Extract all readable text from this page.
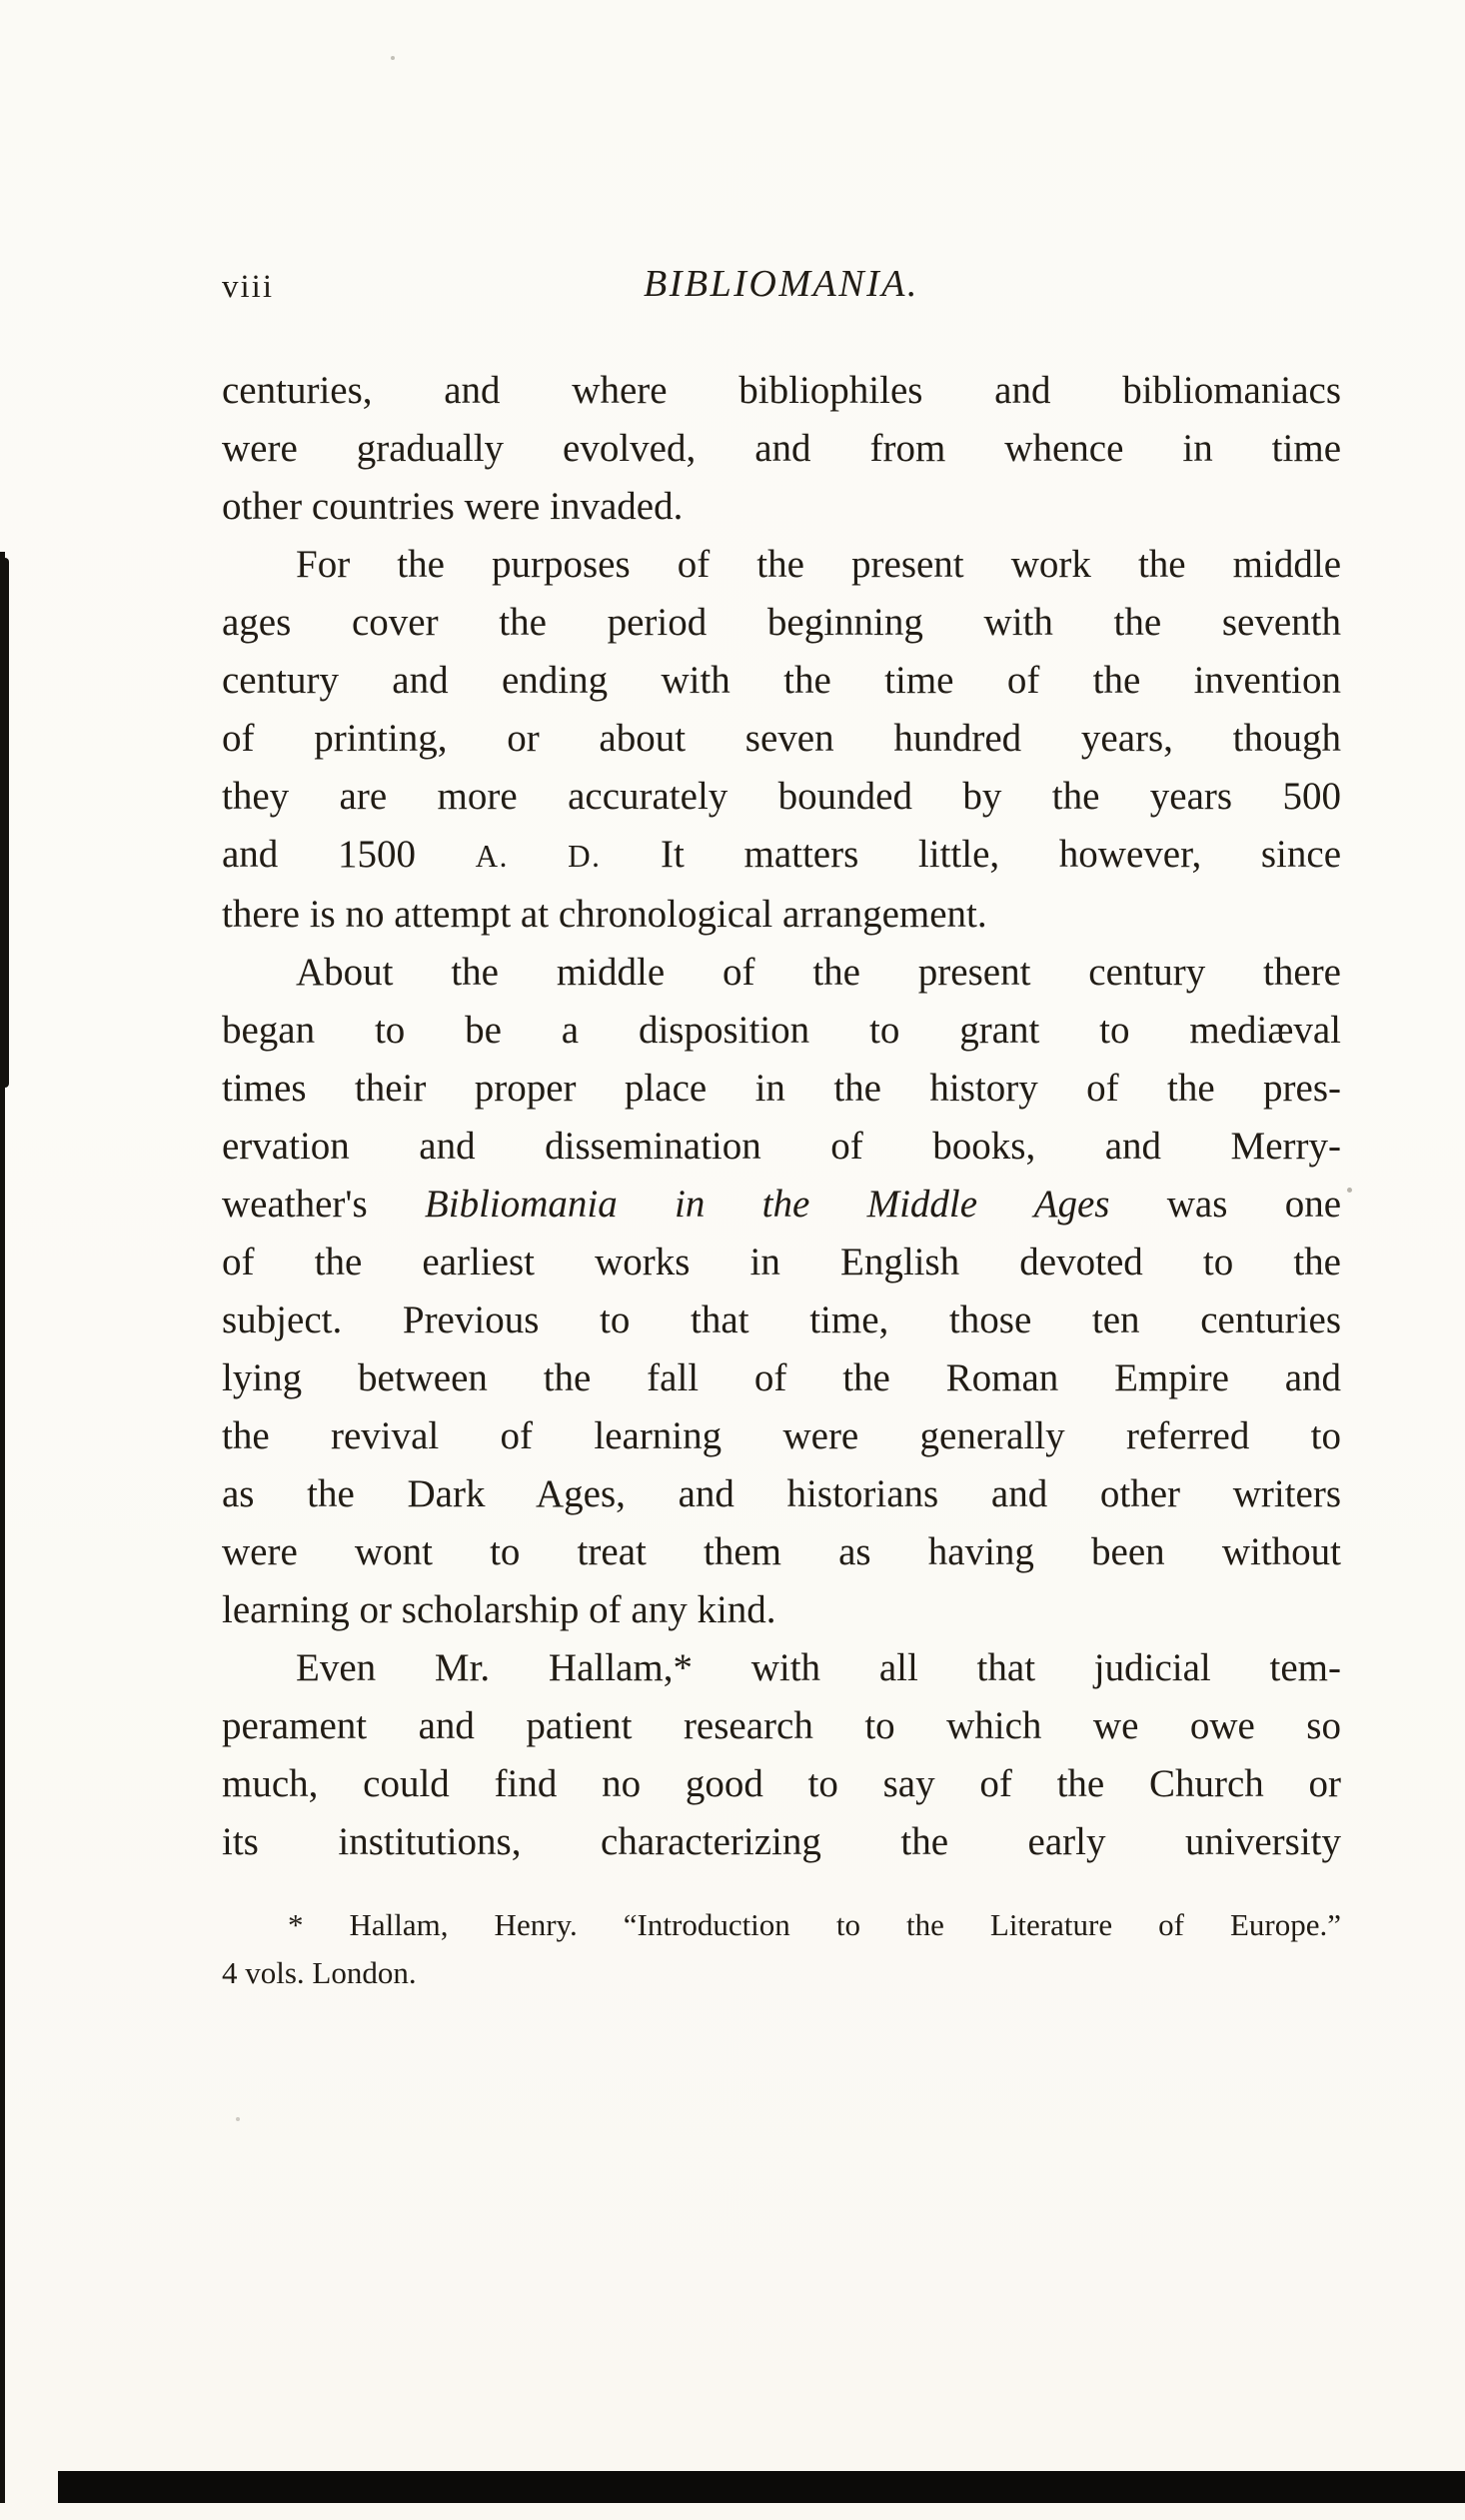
viii	BIBLIOMANIA.
centuries, and where bibliophiles and bibliomaniacs
were gradually evolved, and from whence in time
other countries were invaded.
For the purposes of the present work the middle
ages cover the period beginning with the seventh
century and ending with the time of the invention
of printing, or about seven hundred years, though
they are more accurately bounded by the years 500
and 1500 A. D. It matters little, however, since
there is no attempt at chronological arrangement.
About the middle of the present century there
began to be a disposition to grant to mediæval
times their proper place in the history of the pres-
ervation and dissemination of books, and Merry-
weather's Bibliomania in the Middle Ages was one
of the earliest works in English devoted to the
subject. Previous to that time, those ten centuries
lying between the fall of the Roman Empire and
the revival of learning were generally referred to
as the Dark Ages, and historians and other writers
were wont to treat them as having been without
learning or scholarship of any kind.
Even Mr. Hallam,* with all that judicial tem-
perament and patient research to which we owe so
much, could find no good to say of the Church or
its institutions, characterizing the early university
* Hallam, Henry. “Introduction to the Literature of Europe.”
4 vols. London.
